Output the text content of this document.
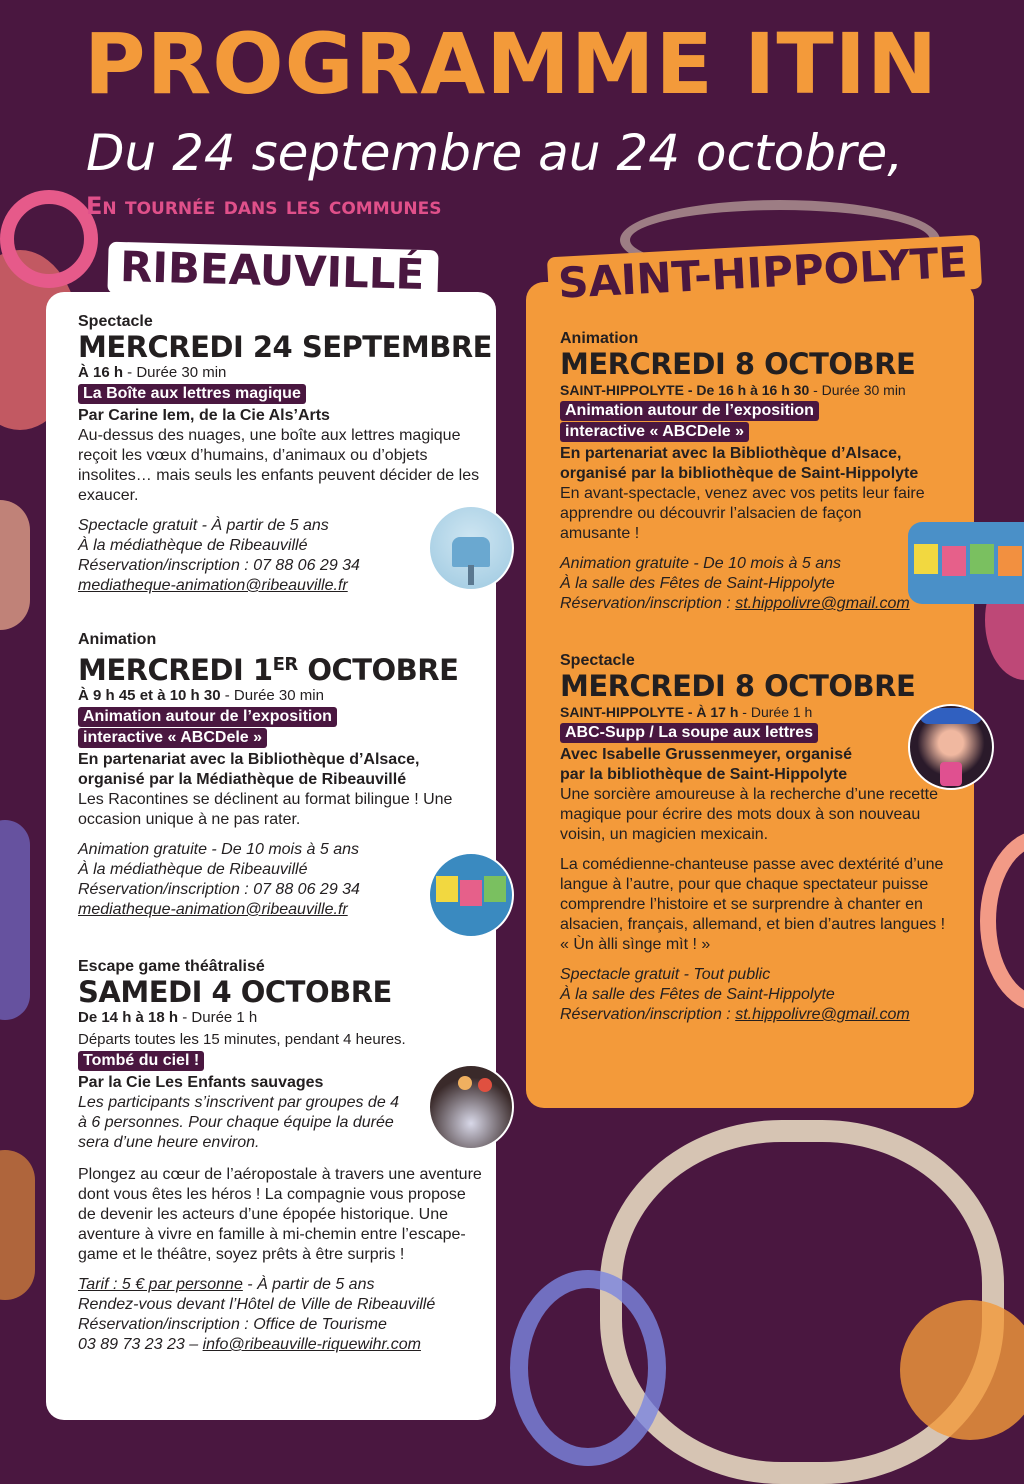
PROGRAMME ITIN
Du 24 septembre au 24 octobre,
En tournée dans les communes
RIBEAUVILLÉ
Spectacle
MERCREDI 24 SEPTEMBRE
À 16 h - Durée 30 min
La Boîte aux lettres magique
Par Carine Iem, de la Cie Als’Arts
Au-dessus des nuages, une boîte aux lettres magique reçoit les vœux d’humains, d’animaux ou d’objets insolites… mais seuls les enfants peuvent décider de les exaucer.
Spectacle gratuit - À partir de 5 ans
À la médiathèque de Ribeauvillé
Réservation/inscription : 07 88 06 29 34
mediatheque-animation@ribeauville.fr
Animation
MERCREDI 1ER OCTOBRE
À 9 h 45 et à 10 h 30 - Durée 30 min
Animation autour de l’exposition
interactive « ABCDele »
En partenariat avec la Bibliothèque d’Alsace,
organisé par la Médiathèque de Ribeauvillé
Les Racontines se déclinent au format bilingue ! Une occasion unique à ne pas rater.
Animation gratuite - De 10 mois à 5 ans
À la médiathèque de Ribeauvillé
Réservation/inscription : 07 88 06 29 34
mediatheque-animation@ribeauville.fr
Escape game théâtralisé
SAMEDI 4 OCTOBRE
De 14 h à 18 h - Durée 1 h
Départs toutes les 15 minutes, pendant 4 heures.
Tombé du ciel !
Par la Cie Les Enfants sauvages
Les participants s’inscrivent par groupes de 4 à 6 personnes. Pour chaque équipe la durée sera d’une heure environ.
Plongez au cœur de l’aéropostale à travers une aventure dont vous êtes les héros ! La compagnie vous propose de devenir les acteurs d’une épopée historique. Une aventure à vivre en famille à mi-chemin entre l’escape-game et le théâtre, soyez prêts à être surpris !
Tarif : 5 € par personne - À partir de 5 ans
Rendez-vous devant l’Hôtel de Ville de Ribeauvillé
Réservation/inscription : Office de Tourisme
03 89 73 23 23 – info@ribeauville-riquewihr.com
SAINT-HIPPOLYTE
Animation
MERCREDI 8 OCTOBRE
SAINT-HIPPOLYTE - De 16 h à 16 h 30 - Durée 30 min
Animation autour de l’exposition
interactive « ABCDele »
En partenariat avec la Bibliothèque d’Alsace,
organisé par la bibliothèque de Saint-Hippolyte
En avant-spectacle, venez avec vos petits leur faire apprendre ou découvrir l’alsacien de façon amusante !
Animation gratuite - De 10 mois à 5 ans
À la salle des Fêtes de Saint-Hippolyte
Réservation/inscription : st.hippolivre@gmail.com
Spectacle
MERCREDI 8 OCTOBRE
SAINT-HIPPOLYTE - À 17 h - Durée 1 h
ABC-Supp / La soupe aux lettres
Avec Isabelle Grussenmeyer, organisé
par la bibliothèque de Saint-Hippolyte
Une sorcière amoureuse à la recherche d’une recette magique pour écrire des mots doux à son nouveau voisin, un magicien mexicain.
La comédienne-chanteuse passe avec dextérité d’une langue à l’autre, pour que chaque spectateur puisse comprendre l’histoire et se surprendre à chanter en alsacien, français, allemand, et bien d’autres langues ! « Ùn àlli sìnge mìt ! »
Spectacle gratuit - Tout public
À la salle des Fêtes de Saint-Hippolyte
Réservation/inscription : st.hippolivre@gmail.com
